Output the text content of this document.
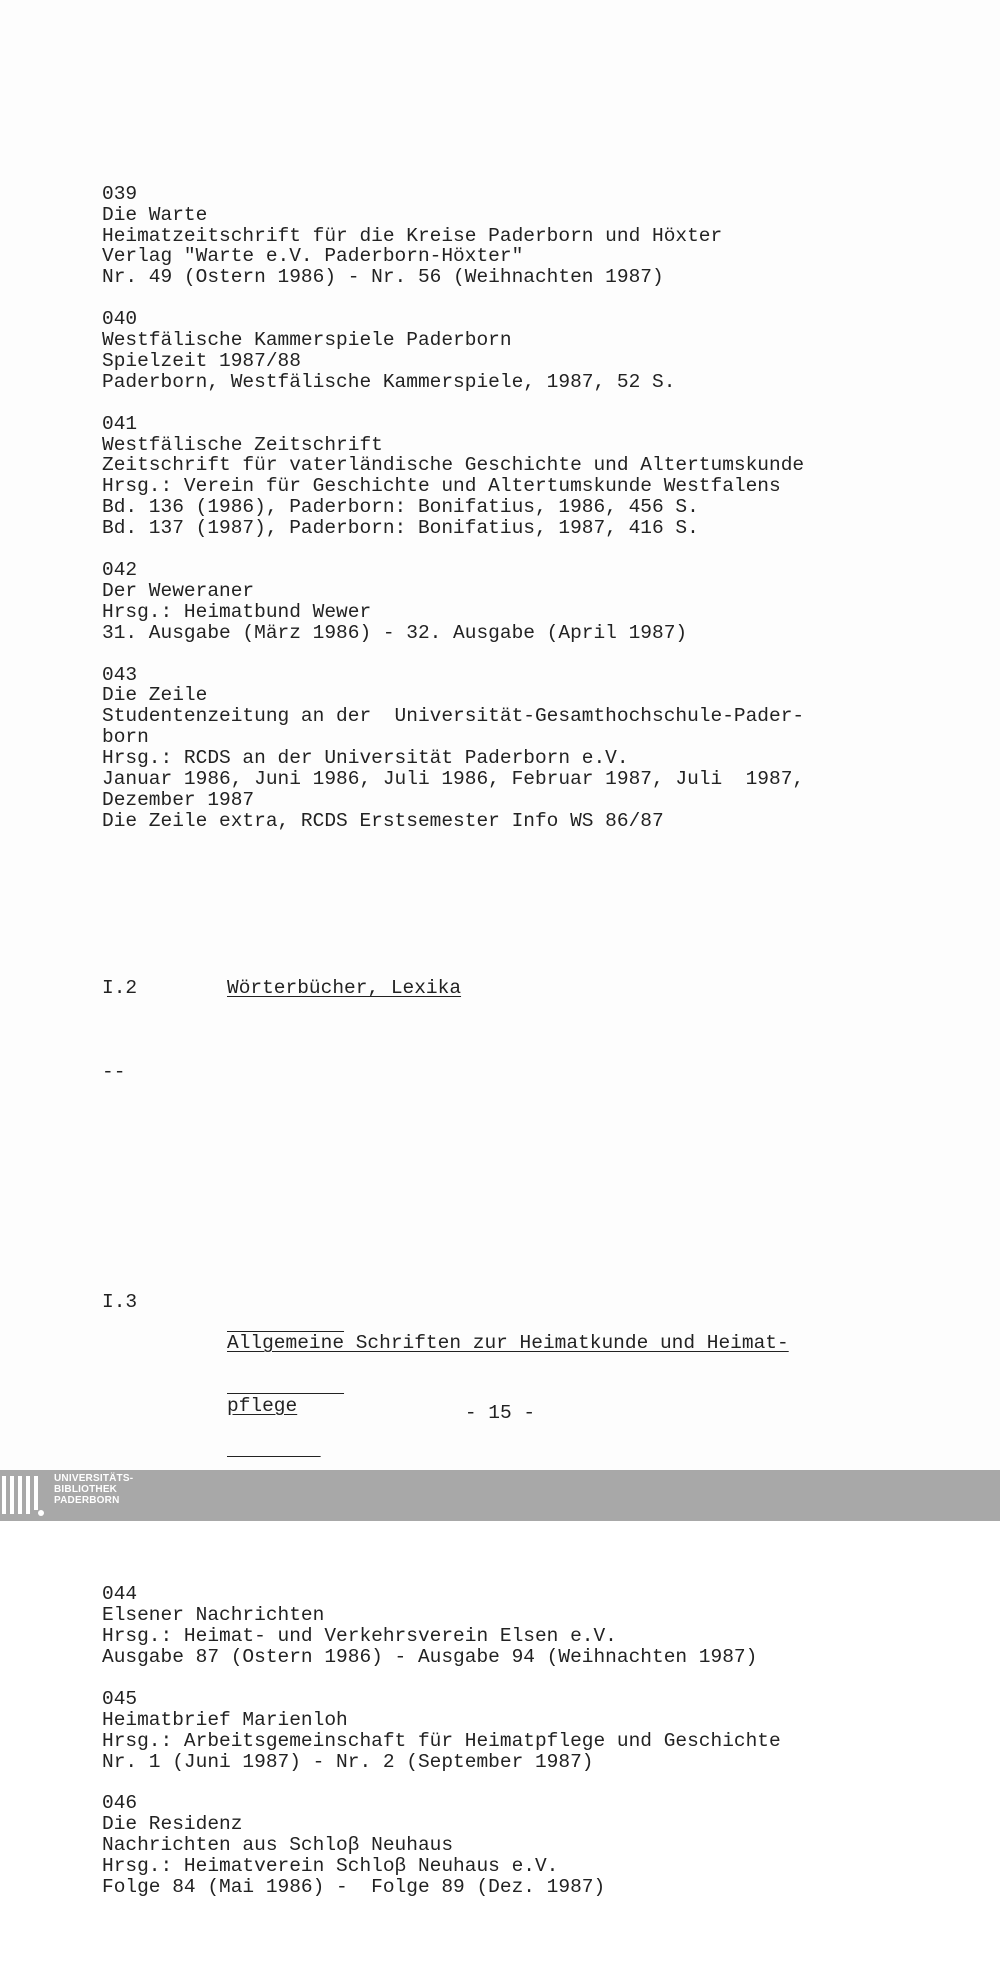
039
Die Warte
Heimatzeitschrift für die Kreise Paderborn und Höxter
Verlag "Warte e.V. Paderborn-Höxter"
Nr. 49 (Ostern 1986) - Nr. 56 (Weihnachten 1987)
040
Westfälische Kammerspiele Paderborn
Spielzeit 1987/88
Paderborn, Westfälische Kammerspiele, 1987, 52 S.
041
Westfälische Zeitschrift
Zeitschrift für vaterländische Geschichte und Altertumskunde
Hrsg.: Verein für Geschichte und Altertumskunde Westfalens
Bd. 136 (1986), Paderborn: Bonifatius, 1986, 456 S.
Bd. 137 (1987), Paderborn: Bonifatius, 1987, 416 S.
042
Der Weweraner
Hrsg.: Heimatbund Wewer
31. Ausgabe (März 1986) - 32. Ausgabe (April 1987)
043
Die Zeile
Studentenzeitung an der  Universität-Gesamthochschule-Pader-
born
Hrsg.: RCDS an der Universität Paderborn e.V.
Januar 1986, Juni 1986, Juli 1986, Februar 1987, Juli  1987,
Dezember 1987
Die Zeile extra, RCDS Erstsemester Info WS 86/87

I.2	Wörterbücher, Lexika

--

I.3

Allgemeine Schriften zur Heimatkunde und Heimat-

pflege

044
Elsener Nachrichten
Hrsg.: Heimat- und Verkehrsverein Elsen e.V.
Ausgabe 87 (Ostern 1986) - Ausgabe 94 (Weihnachten 1987)
045
Heimatbrief Marienloh
Hrsg.: Arbeitsgemeinschaft für Heimatpflege und Geschichte
Nr. 1 (Juni 1987) - Nr. 2 (September 1987)
046
Die Residenz
Nachrichten aus Schloβ Neuhaus
Hrsg.: Heimatverein Schloβ Neuhaus e.V.
Folge 84 (Mai 1986) -  Folge 89 (Dez. 1987)

- 15 -
UNIVERSITÄTS-
BIBLIOTHEK
PADERBORN
